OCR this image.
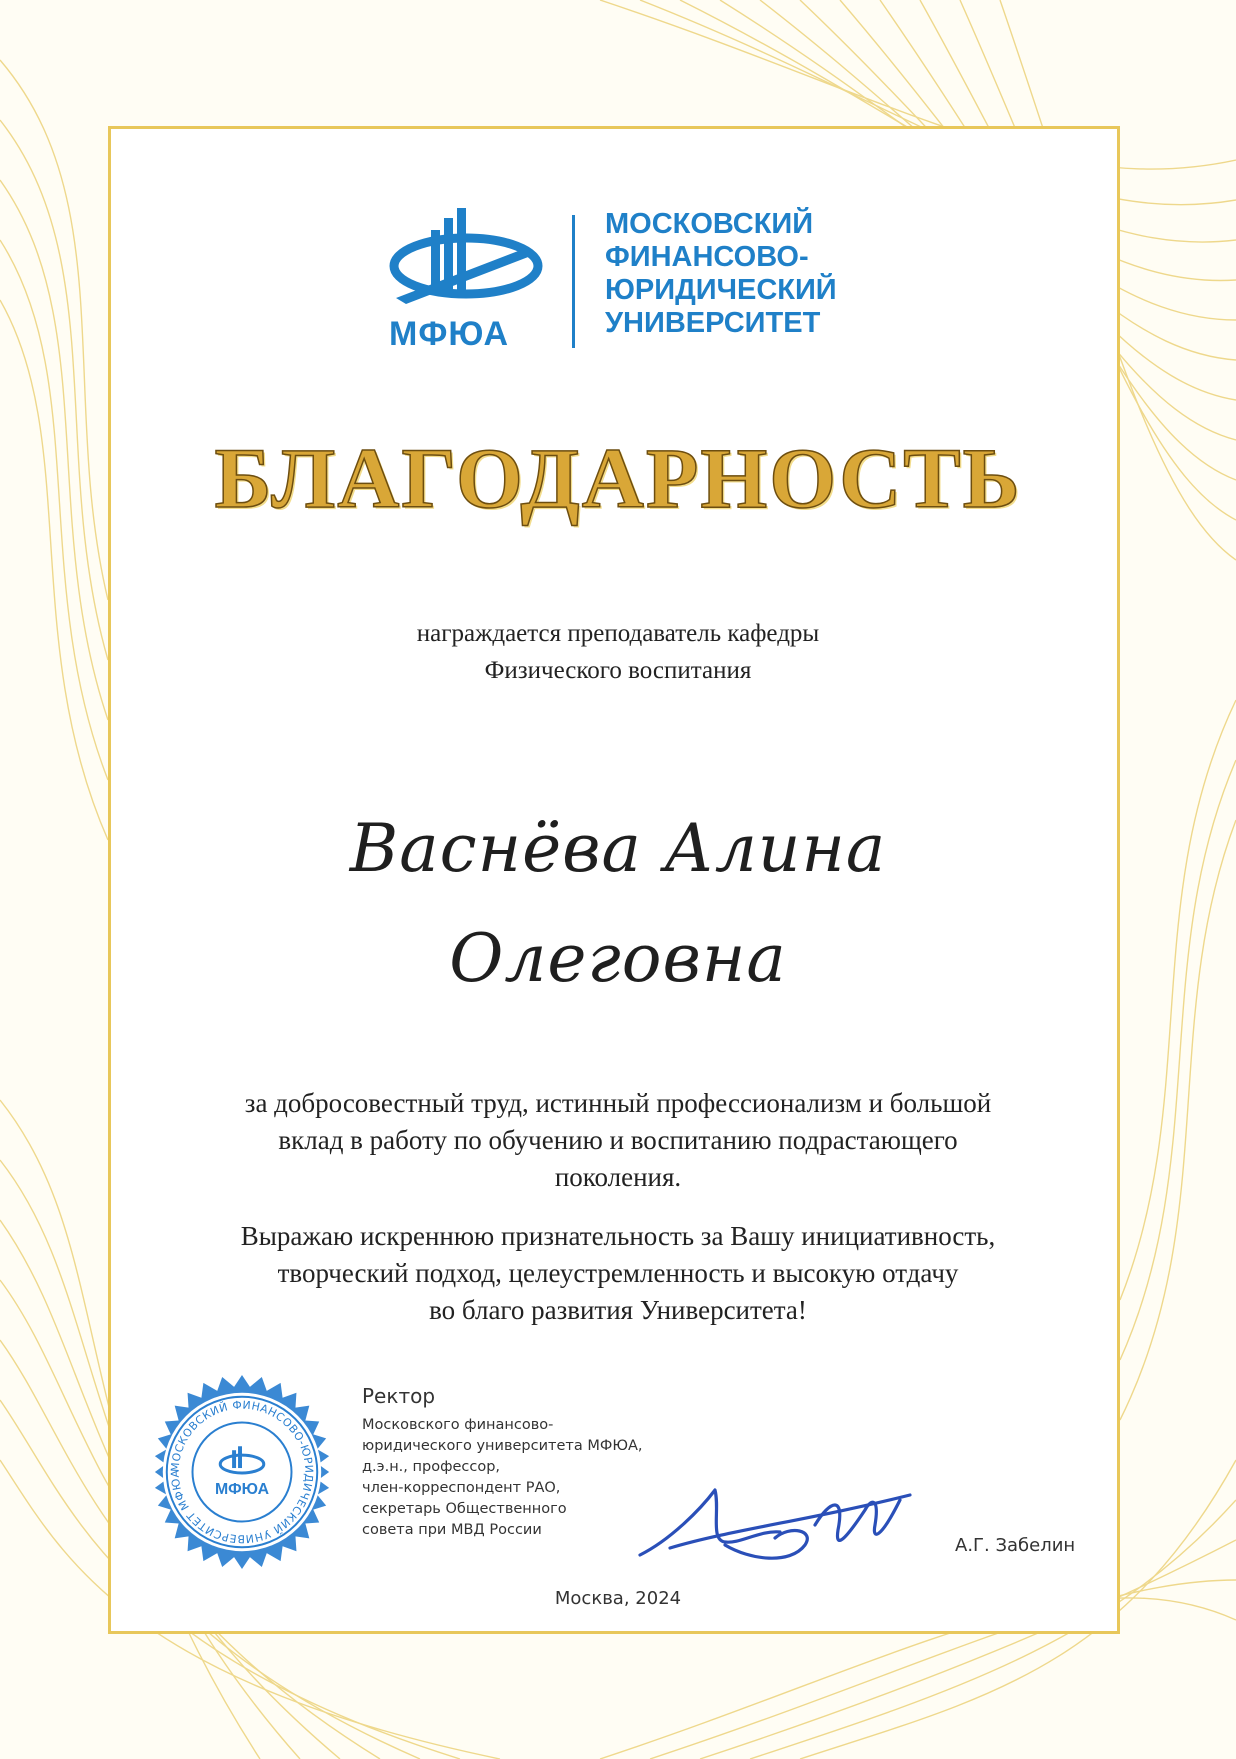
МФЮА
МОСКОВСКИЙ
ФИНАНСОВО-
ЮРИДИЧЕСКИЙ
УНИВЕРСИТЕТ
БЛАГОДАРНОСТЬ
награждается преподаватель кафедры
Физического воспитания
Васнёва Алина
Олеговна
за добросовестный труд, истинный профессионализм и большой
вклад в работу по обучению и воспитанию подрастающего
поколения.
Выражаю искреннюю признательность за Вашу инициативность,
творческий подход, целеустремленность и высокую отдачу
во благо развития Университета!
МОСКОВСКИЙ ФИНАНСОВО-ЮРИДИЧЕСКИЙ УНИВЕРСИТЕТ МФЮА
МФЮА
Ректор
Московского финансово-
юридического университета МФЮА,
д.э.н., профессор,
член-корреспондент РАО,
секретарь Общественного
совета при МВД России
А.Г. Забелин
Москва, 2024
